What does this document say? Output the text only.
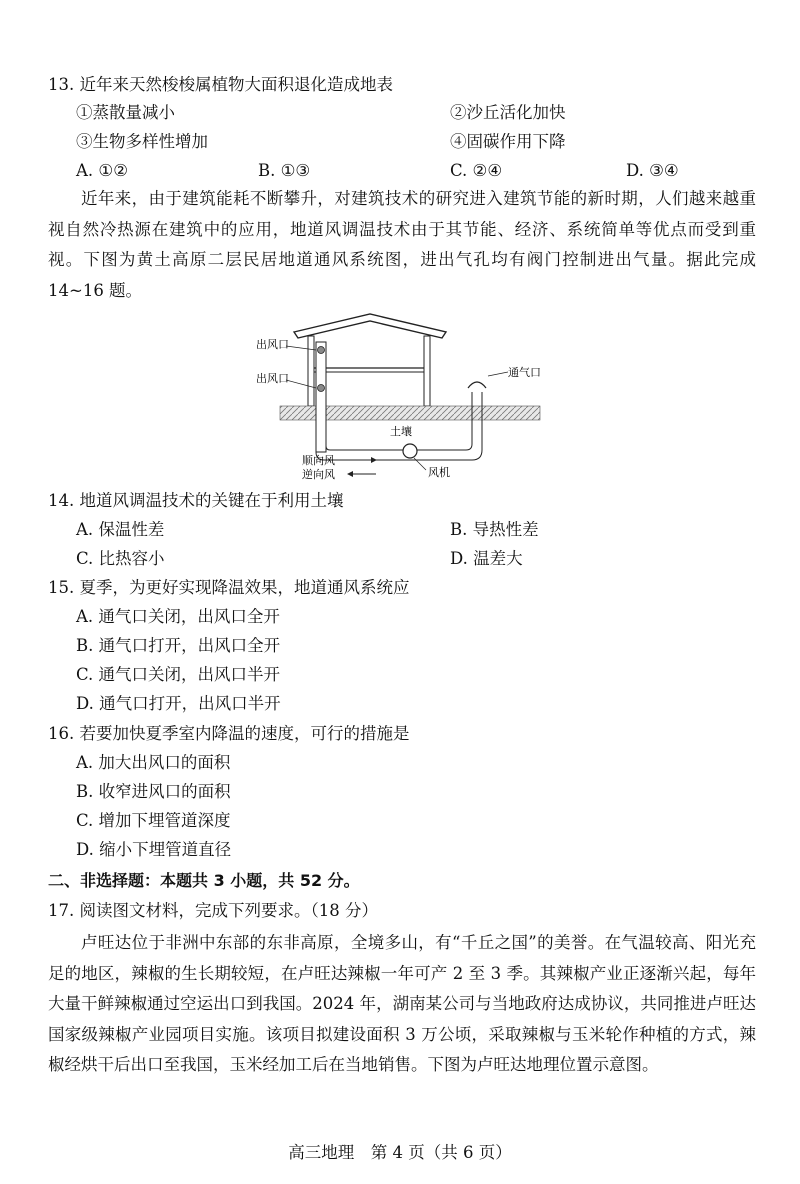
13. 近年来天然梭梭属植物大面积退化造成地表
①蒸散量减小	②沙丘活化加快
③生物多样性增加	④固碳作用下降
A. ①②	B. ①③	C. ②④	D. ③④

近年来，由于建筑能耗不断攀升，对建筑技术的研究进入建筑节能的新时期，人们越来越重视自然冷热源在建筑中的应用，地道风调温技术由于其节能、经济、系统简单等优点而受到重视。下图为黄土高原二层民居地道通风系统图，进出气孔均有阀门控制进出气量。据此完成 14~16 题。

出风口
出风口	通气口
土壤
风机
顺向风
逆向风
14. 地道风调温技术的关键在于利用土壤
A. 保温性差	B. 导热性差
C. 比热容小	D. 温差大
15. 夏季，为更好实现降温效果，地道通风系统应
A. 通气口关闭，出风口全开
B. 通气口打开，出风口全开
C. 通气口关闭，出风口半开
D. 通气口打开，出风口半开
16. 若要加快夏季室内降温的速度，可行的措施是
A. 加大出风口的面积
B. 收窄进风口的面积
C. 增加下埋管道深度
D. 缩小下埋管道直径
二、非选择题：本题共 3 小题，共 52 分。
17. 阅读图文材料，完成下列要求。（18 分）

卢旺达位于非洲中东部的东非高原，全境多山，有“千丘之国”的美誉。在气温较高、阳光充足的地区，辣椒的生长期较短，在卢旺达辣椒一年可产 2 至 3 季。其辣椒产业正逐渐兴起，每年大量干鲜辣椒通过空运出口到我国。2024 年，湖南某公司与当地政府达成协议，共同推进卢旺达国家级辣椒产业园项目实施。该项目拟建设面积 3 万公顷，采取辣椒与玉米轮作种植的方式，辣椒经烘干后出口至我国，玉米经加工后在当地销售。下图为卢旺达地理位置示意图。

高三地理　第 4 页（共 6 页）
